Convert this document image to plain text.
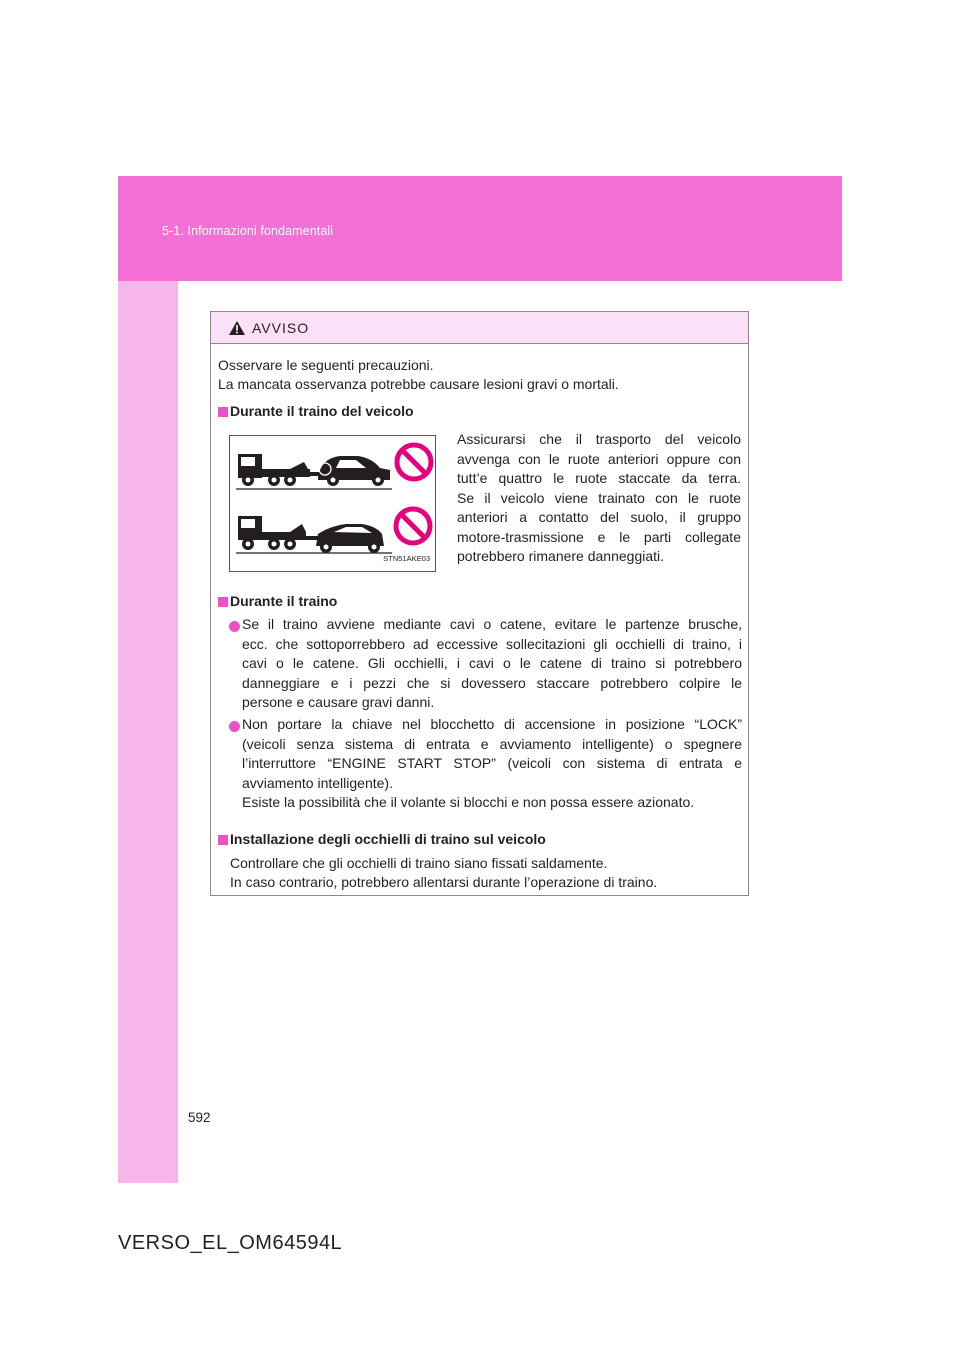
5-1. Informazioni fondamentali
AVVISO
Osservare le seguenti precauzioni.
La mancata osservanza potrebbe causare lesioni gravi o mortali.
Durante il traino del veicolo
STN51AKE03
Assicurarsi che il trasporto del veicolo
avvenga con le ruote anteriori oppure con
tutt’e quattro le ruote staccate da terra.
Se il veicolo viene trainato con le ruote
anteriori a contatto del suolo, il gruppo
motore-trasmissione e le parti collegate
potrebbero rimanere danneggiati.
Durante il traino
Se il traino avviene mediante cavi o catene, evitare le partenze brusche,
ecc. che sottoporrebbero ad eccessive sollecitazioni gli occhielli di traino, i
cavi o le catene. Gli occhielli, i cavi o le catene di traino si potrebbero
danneggiare e i pezzi che si dovessero staccare potrebbero colpire le
persone e causare gravi danni.
Non portare la chiave nel blocchetto di accensione in posizione “LOCK”
(veicoli senza sistema di entrata e avviamento intelligente) o spegnere
l’interruttore “ENGINE START STOP” (veicoli con sistema di entrata e
avviamento intelligente).
Esiste la possibilità che il volante si blocchi e non possa essere azionato.
Installazione degli occhielli di traino sul veicolo
Controllare che gli occhielli di traino siano fissati saldamente.
In caso contrario, potrebbero allentarsi durante l’operazione di traino.
592
VERSO_EL_OM64594L
